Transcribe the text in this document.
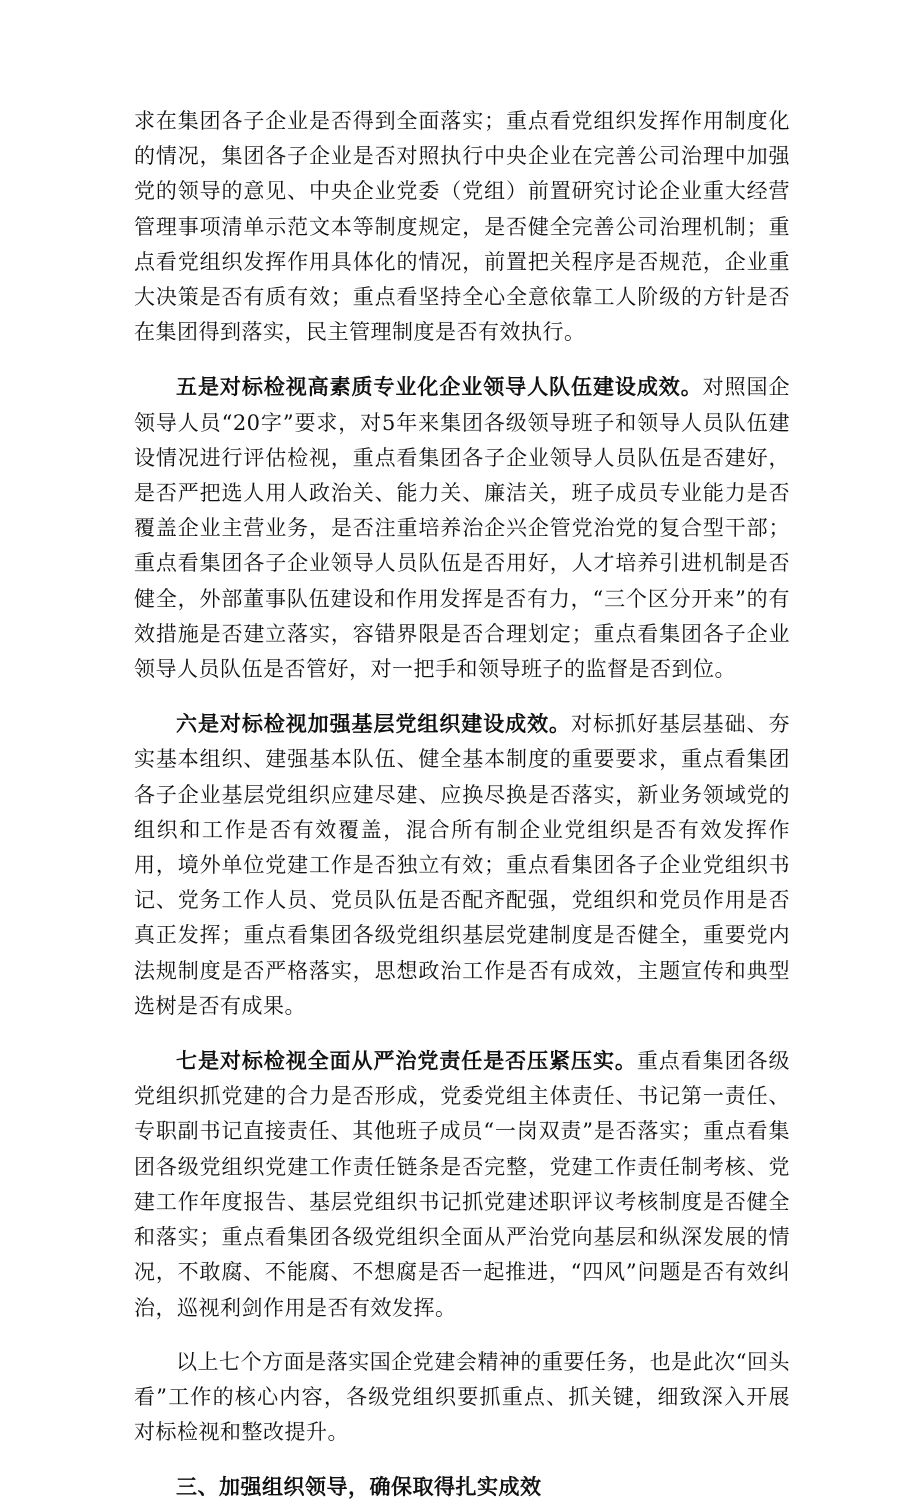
求在集团各子企业是否得到全面落实；重点看党组织发挥作用制度化的情况，集团各子企业是否对照执行中央企业在完善公司治理中加强党的领导的意见、中央企业党委（党组）前置研究讨论企业重大经营管理事项清单示范文本等制度规定，是否健全完善公司治理机制；重点看党组织发挥作用具体化的情况，前置把关程序是否规范，企业重大决策是否有质有效；重点看坚持全心全意依靠工人阶级的方针是否在集团得到落实，民主管理制度是否有效执行。

五是对标检视高素质专业化企业领导人队伍建设成效。对照国企领导人员“20字”要求，对5年来集团各级领导班子和领导人员队伍建设情况进行评估检视，重点看集团各子企业领导人员队伍是否建好，是否严把选人用人政治关、能力关、廉洁关，班子成员专业能力是否覆盖企业主营业务，是否注重培养治企兴企管党治党的复合型干部；重点看集团各子企业领导人员队伍是否用好，人才培养引进机制是否健全，外部董事队伍建设和作用发挥是否有力，“三个区分开来”的有效措施是否建立落实，容错界限是否合理划定；重点看集团各子企业领导人员队伍是否管好，对一把手和领导班子的监督是否到位。

六是对标检视加强基层党组织建设成效。对标抓好基层基础、夯实基本组织、建强基本队伍、健全基本制度的重要要求，重点看集团各子企业基层党组织应建尽建、应换尽换是否落实，新业务领域党的组织和工作是否有效覆盖，混合所有制企业党组织是否有效发挥作用，境外单位党建工作是否独立有效；重点看集团各子企业党组织书记、党务工作人员、党员队伍是否配齐配强，党组织和党员作用是否真正发挥；重点看集团各级党组织基层党建制度是否健全，重要党内法规制度是否严格落实，思想政治工作是否有成效，主题宣传和典型选树是否有成果。

七是对标检视全面从严治党责任是否压紧压实。重点看集团各级党组织抓党建的合力是否形成，党委党组主体责任、书记第一责任、专职副书记直接责任、其他班子成员“一岗双责”是否落实；重点看集团各级党组织党建工作责任链条是否完整，党建工作责任制考核、党建工作年度报告、基层党组织书记抓党建述职评议考核制度是否健全和落实；重点看集团各级党组织全面从严治党向基层和纵深发展的情况，不敢腐、不能腐、不想腐是否一起推进，“四风”问题是否有效纠治，巡视利剑作用是否有效发挥。

以上七个方面是落实国企党建会精神的重要任务，也是此次“回头看”工作的核心内容，各级党组织要抓重点、抓关键，细致深入开展对标检视和整改提升。

三、加强组织领导，确保取得扎实成效
